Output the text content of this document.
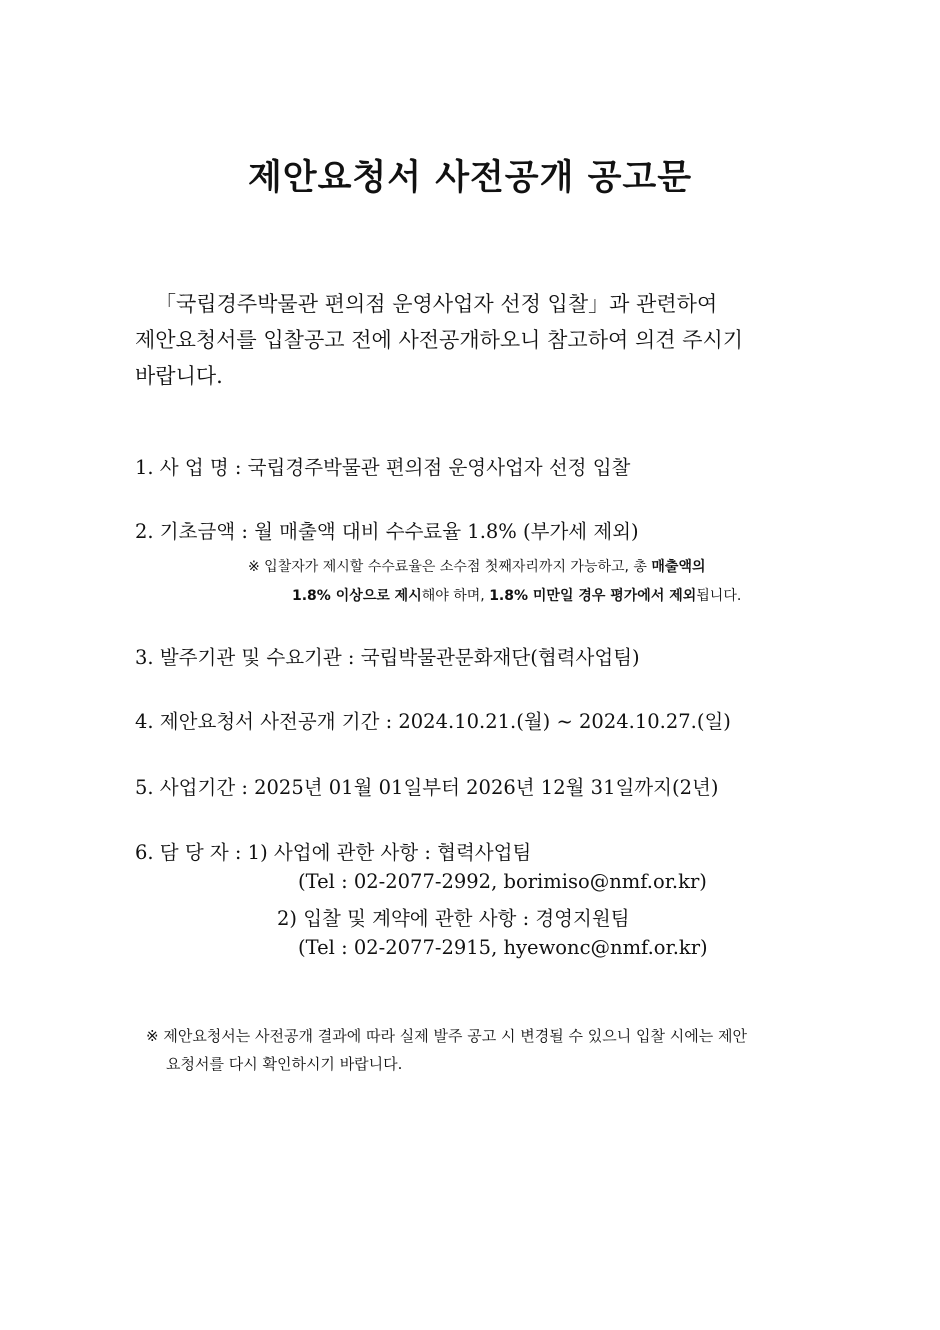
제안요청서 사전공개 공고문

「국립경주박물관 편의점 운영사업자 선정 입찰」과 관련하여

제안요청서를 입찰공고 전에 사전공개하오니 참고하여 의견 주시기

바랍니다.

1. 사 업 명 : 국립경주박물관 편의점 운영사업자 선정 입찰
2. 기초금액 : 월 매출액 대비 수수료율 1.8% (부가세 제외)
※ 입찰자가 제시할 수수료율은 소수점 첫째자리까지 가능하고, 총 매출액의
1.8% 이상으로 제시해야 하며, 1.8% 미만일 경우 평가에서 제외됩니다.
3. 발주기관 및 수요기관 : 국립박물관문화재단(협력사업팀)
4. 제안요청서 사전공개 기간 : 2024.10.21.(월) ~ 2024.10.27.(일)
5. 사업기간 : 2025년 01월 01일부터 2026년 12월 31일까지(2년)
6. 담 당 자 : 1) 사업에 관한 사항 : 협력사업팀
(Tel : 02-2077-2992, borimiso@nmf.or.kr)
2) 입찰 및 계약에 관한 사항 : 경영지원팀
(Tel : 02-2077-2915, hyewonc@nmf.or.kr)
※ 제안요청서는 사전공개 결과에 따라 실제 발주 공고 시 변경될 수 있으니 입찰 시에는 제안
요청서를 다시 확인하시기 바랍니다.
